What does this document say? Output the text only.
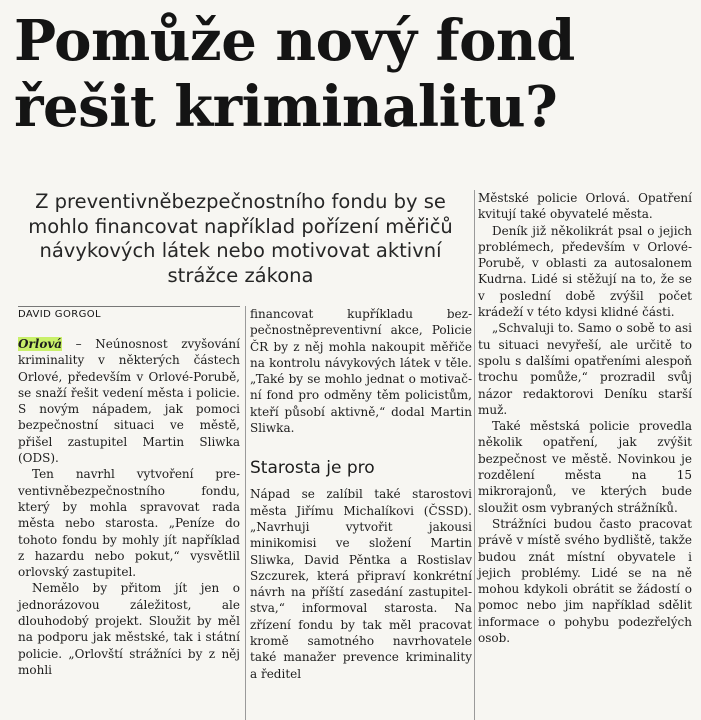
Pomůže nový fond
řešit kriminalitu?
Z preventivněbezpečnostního fondu by se
mohlo financovat například pořízení měřičů
návykových látek nebo motivovat aktivní
strážce zákona
DAVID GORGOL

Orlová – Neúnosnost zvyšování kriminality v některých částech Orlové, především v Orlové-Porubě, se snaží řešit vedení města i policie. S novým nápadem, jak pomoci bezpečnostní situaci ve městě, přišel zastupitel Martin Sliwka (ODS).

Ten navrhl vytvoření preventivněbezpečnostního fondu, který by mohla spravovat rada města nebo starosta. „Peníze do tohoto fondu by mohly jít například z hazardu nebo pokut,“ vysvětlil orlovský zastupitel.

Nemělo by přitom jít jen o jednorázovou záležitost, ale dlouhodobý projekt. Sloužit by měl na podporu jak městské, tak i státní policie. „Orlovští strážníci by z něj mohli

financovat kupříkladu bezpečnostněpreventivní akce, Policie ČR by z něj mohla nakoupit měřiče na kontrolu návykových látek v těle. „Také by se mohlo jednat o motivační fond pro odměny těm policistům, kteří působí aktivně,“ dodal Martin Sliwka.

Starosta je pro

Nápad se zalíbil také starostovi města Jiřímu Michalíkovi (ČSSD). „Navrhuji vytvořit jakousi minikomisi ve složení Martin Sliwka, David Pěntka a Rostislav Szczurek, která připraví konkrétní návrh na příští zasedání zastupitelstva,“ informoval starosta. Na zřízení fondu by tak měl pracovat kromě samotného navrhovatele také manažer prevence kriminality a ředitel

Městské policie Orlová. Opatření kvitují také obyvatelé města.

Deník již několikrát psal o jejich problémech, především v Orlové-Porubě, v oblasti za autosalonem Kudrna. Lidé si stěžují na to, že se v poslední době zvýšil počet krádeží v této kdysi klidné části.

„Schvaluji to. Samo o sobě to asi tu situaci nevyřeší, ale určitě to spolu s dalšími opatřeními alespoň trochu pomůže,“ prozradil svůj názor redaktorovi Deníku starší muž.

Také městská policie provedla několik opatření, jak zvýšit bezpečnost ve městě. Novinkou je rozdělení města na 15 mikrorajonů, ve kterých bude sloužit osm vybraných strážníků.

Strážníci budou často pracovat právě v místě svého bydliště, takže budou znát místní obyvatele i jejich problémy. Lidé se na ně mohou kdykoli obrátit se žádostí o pomoc nebo jim například sdělit informace o pohybu podezřelých osob.
